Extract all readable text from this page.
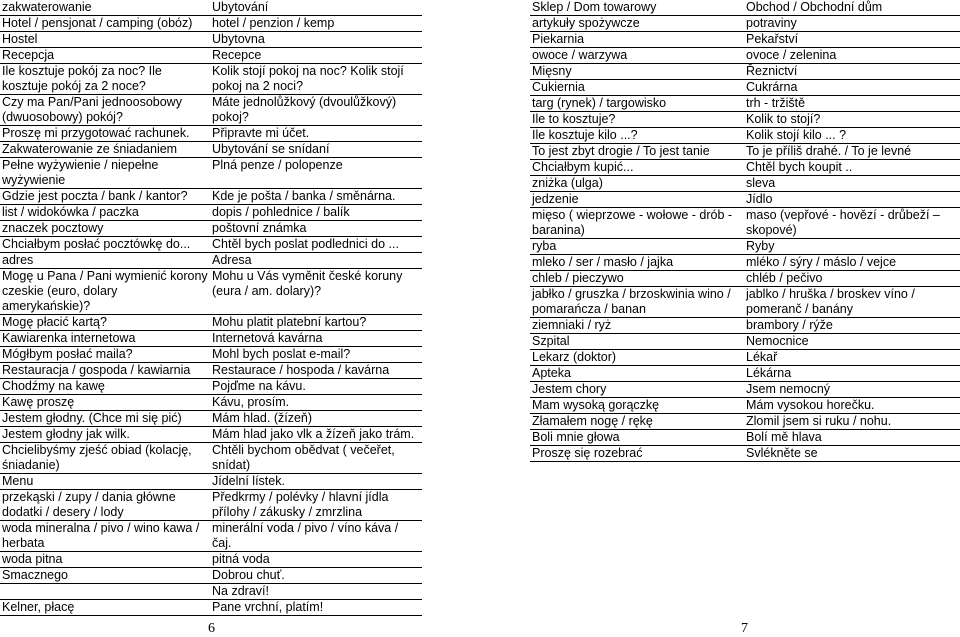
zakwaterowanie	Ubytování
Hotel / pensjonat / camping (obóz)	hotel / penzion / kemp
Hostel	Ubytovna
Recepcja	Recepce
Ile kosztuje pokój za noc? Ile kosztuje pokój za 2 noce?	Kolik stojí pokoj na noc? Kolik stojí pokoj na 2 noci?
Czy ma Pan/Pani jednoosobowy (dwuosobowy) pokój?	Máte jednolůžkový (dvoulůžkový) pokoj?
Proszę mi przygotować rachunek.	Připravte mi účet.
Zakwaterowanie ze śniadaniem	Ubytování se snídaní
Pełne wyżywienie / niepełne wyżywienie	Plná penze / polopenze
Gdzie jest poczta / bank / kantor?	Kde je pošta / banka / směnárna.
list / widokówka / paczka	dopis / pohlednice / balík
znaczek pocztowy	poštovní známka
Chciałbym posłać pocztówkę do...	Chtěl bych poslat podlednici do ...
adres	Adresa
Mogę u Pana / Pani wymienić korony czeskie (euro, dolary amerykańskie)?	Mohu u Vás vyměnit české koruny (eura / am. dolary)?
Mogę płacić kartą?	Mohu platit platební kartou?
Kawiarenka internetowa	Internetová kavárna
Mógłbym posłać maila?	Mohl bych poslat e-mail?
Restauracja / gospoda / kawiarnia	Restaurace / hospoda / kavárna
Chodźmy na kawę	Pojďme na kávu.
Kawę proszę	Kávu, prosím.
Jestem głodny. (Chce mi się pić)	Mám hlad. (žízeň)
Jestem głodny jak wilk.	Mám hlad jako vlk a žízeň jako trám.
Chcielibyśmy zjeść obiad (kolację, śniadanie)	Chtěli bychom obědvat ( večeřet, snídat)
Menu	Jídelní lístek.
przekąski / zupy / dania główne dodatki / desery / lody	Předkrmy / polévky / hlavní jídla přílohy / zákusky / zmrzlina
woda mineralna / pivo / wino kawa / herbata	minerální voda / pivo / víno káva / čaj.
woda pitna	pitná voda
Smacznego	Dobrou chuť.
	Na zdraví!
Kelner, płacę	Pane vrchní, platím!
6
Sklep / Dom towarowy	Obchod / Obchodní dům
artykuły spożywcze	potraviny
Piekarnia	Pekařství
owoce / warzywa	ovoce / zelenina
Mięsny	Řeznictví
Cukiernia	Cukrárna
targ (rynek) / targowisko	trh - tržiště
Ile to kosztuje?	Kolik to stojí?
Ile kosztuje kilo ...?	Kolik stojí kilo ... ?
To jest zbyt drogie / To jest tanie	To je příliš drahé. / To je levné
Chciałbym kupić...	Chtěl bych koupit ..
zniżka (ulga)	sleva
jedzenie	Jídlo
mięso ( wieprzowe - wołowe - drób -baranina)	maso (vepřové - hovězí - drůbeží – skopové)
ryba	Ryby
mleko / ser / masło / jajka	mléko / sýry / máslo / vejce
chleb / pieczywo	chléb / pečivo
jabłko / gruszka / brzoskwinia wino / pomarańcza / banan	jablko / hruška / broskev víno / pomeranč / banány
ziemniaki / ryż	brambory / rýže
Szpital	Nemocnice
Lekarz (doktor)	Lékař
Apteka	Lékárna
Jestem chory	Jsem nemocný
Mam wysoką gorączkę	Mám vysokou horečku.
Złamałem nogę / rękę	Zlomil jsem si ruku / nohu.
Boli mnie głowa	Bolí mě hlava
Proszę się rozebrać	Svlékněte se
7
